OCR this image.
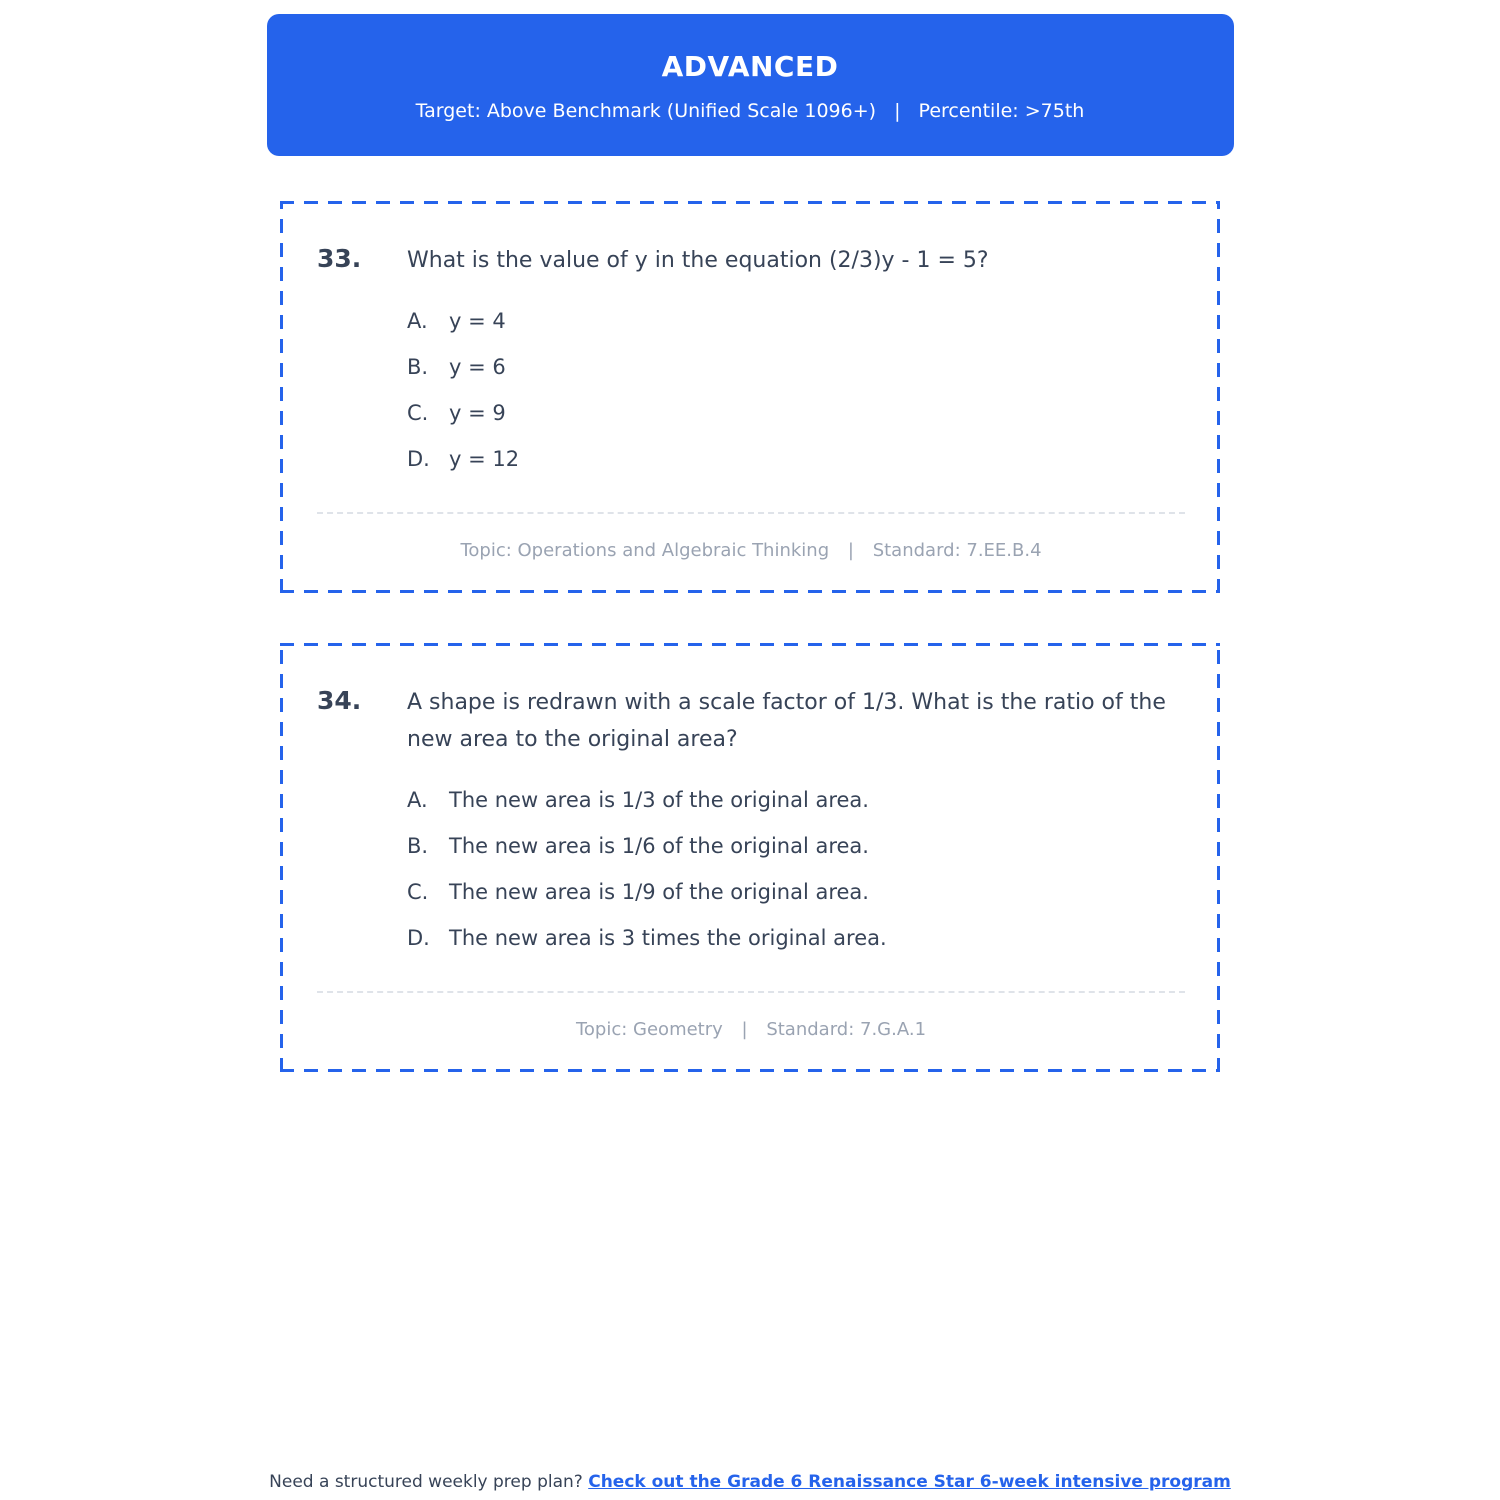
ADVANCED
Target: Above Benchmark (Unified Scale 1096+) | Percentile: >75th
33.	What is the value of y in the equation (2/3)y - 1 = 5?
A.	y = 4
B. y = 6
C. y = 9
D. y = 12
Topic: Operations and Algebraic Thinking | Standard: 7.EE.B.4
34.	A shape is redrawn with a scale factor of 1/3. What is the ratio of the new area to the original area?
A.	The new area is 1/3 of the original area.
B. The new area is 1/6 of the original area.
C. The new area is 1/9 of the original area.
D. The new area is 3 times the original area.
Topic: Geometry | Standard: 7.G.A.1
Need a structured weekly prep plan? Check out the Grade 6 Renaissance Star 6-week intensive program
